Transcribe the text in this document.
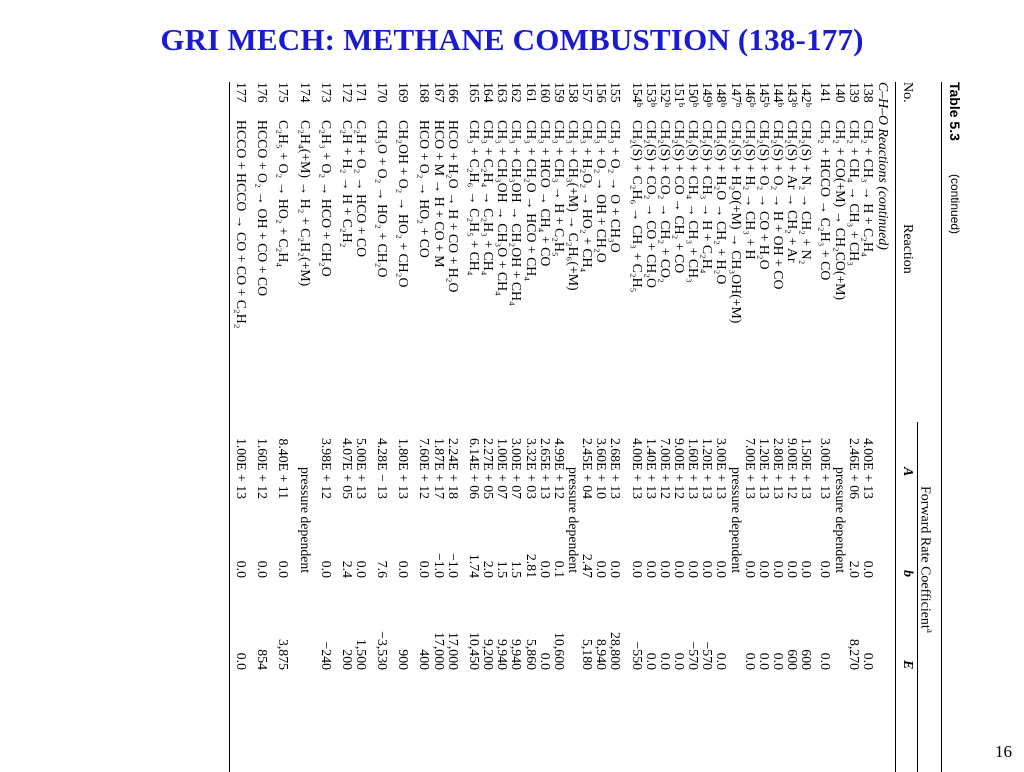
GRI MECH: METHANE COMBUSTION (138-177)
Table 5.3
(continued)
Forward Rate Coefficient$^a$
No.
Reaction
A
b
E
C–H–O Reactions (continued)
138
CH₂ + CH₃ → H + C₂H₄
4.00E + 13
0.0
0.0
139
CH₂ + CH₄ → CH₃ + CH₃
2.46E + 06
2.0
8,270
140
CH₂ + CO(+M) → CH₂CO(+M)
pressure dependent
141
CH₂ + HCCO → C₂H₃ + CO
3.00E + 13
0.0
0.0
142ᵇ
CH₂(S) + N₂ → CH₂ + N₂
1.50E + 13
0.0
600
143ᵇ
CH₂(S) + Ar → CH₂ + Ar
9.00E + 12
0.0
600
144ᵇ
CH₂(S) + O₂ → H + OH + CO
2.80E + 13
0.0
0.0
145ᵇ
CH₂(S) + O₂ → CO + H₂O
1.20E + 13
0.0
0.0
146ᵇ
CH₂(S) + H₂ → CH₃ + H
7.00E + 13
0.0
0.0
147ᵇ
CH₂(S) + H₂O(+M) → CH₃OH(+M)
pressure dependent
148ᵇ
CH₂(S) + H₂O → CH₂ + H₂O
3.00E + 13
0.0
0.0
149ᵇ
CH₂(S) + CH₃ → H + C₂H₄
1.20E + 13
0.0
−570
150ᵇ
CH₂(S) + CH₄ → CH₃ + CH₃
1.60E + 13
0.0
−570
151ᵇ
CH₂(S) + CO → CH₂ + CO
9.00E + 12
0.0
0.0
152ᵇ
CH₂(S) + CO₂ → CH₂ + CO₂
7.00E + 12
0.0
0.0
153ᵇ
CH₂(S) + CO₂ → CO + CH₂O
1.40E + 13
0.0
0.0
154ᵇ
CH₂(S) + C₂H₆ → CH₃ + C₂H₅
4.00E + 13
0.0
−550
155
CH₃ + O₂ → O + CH₃O
2.68E + 13
0.0
28,800
156
CH₃ + O₂ → OH + CH₂O
3.60E + 10
0.0
8,940
157
CH₃ + H₂O₂ → HO₂ + CH₄
2.45E + 04
2.47
5,180
158
CH₃ + CH₃(+M) → C₂H₆(+M)
pressure dependent
159
CH₃ + CH₃ → H + C₂H₅
4.99E + 12
0.1
10,600
160
CH₃ + HCO → CH₄ + CO
2.65E + 13
0.0
0.0
161
CH₃ + CH₂O → HCO + CH₄
3.32E + 03
2.81
5,860
162
CH₃ + CH₃OH → CH₂OH + CH₄
3.00E + 07
1.5
9,940
163
CH₃ + CH₃OH → CH₃O + CH₄
1.00E + 07
1.5
9,940
164
CH₃ + C₂H₄ → C₂H₃ + CH₄
2.27E + 05
2.0
9,200
165
CH₃ + C₂H₆ → C₂H₅ + CH₄
6.14E + 06
1.74
10,450
166
HCO + H₂O → H + CO + H₂O
2.24E + 18
−1.0
17,000
167
HCO + M → H + CO + M
1.87E + 17
−1.0
17,000
168
HCO + O₂ → HO₂ + CO
7.60E + 12
0.0
400
169
CH₂OH + O₂ → HO₂ + CH₂O
1.80E + 13
0.0
900
170
CH₃O + O₂ → HO₂ + CH₂O
4.28E − 13
7.6
−3,530
171
C₂H + O₂ → HCO + CO
5.00E + 13
0.0
1,500
172
C₂H + H₂ → H + C₂H₂
4.07E + 05
2.4
200
173
C₂H₃ + O₂ → HCO + CH₂O
3.98E + 12
0.0
−240
174
C₂H₄(+M) → H₂ + C₂H₂(+M)
pressure dependent
175
C₂H₅ + O₂ → HO₂ + C₂H₄
8.40E + 11
0.0
3,875
176
HCCO + O₂ → OH + CO + CO
1.60E + 12
0.0
854
177
HCCO + HCCO → CO + CO + C₂H₂
1.00E + 13
0.0
0.0
16
